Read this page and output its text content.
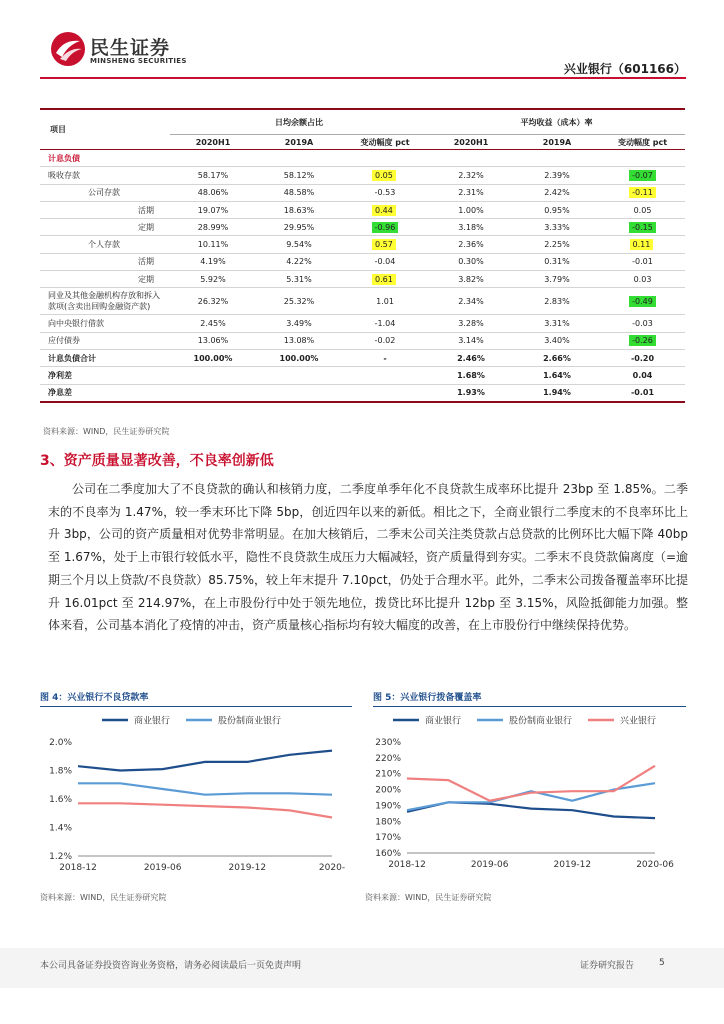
民生证券
MINSHENG SECURITIES
兴业银行（601166）
项目	日均余额占比			平均收益（成本）率		
	2020H1	2019A	变动幅度 pct	2020H1	2019A	变动幅度 pct
计息负债						
吸收存款	58.17%	58.12%	0.05	2.32%	2.39%	-0.07
公司存款	48.06%	48.58%	-0.53	2.31%	2.42%	-0.11
活期	19.07%	18.63%	0.44	1.00%	0.95%	0.05
定期	28.99%	29.95%	-0.96	3.18%	3.33%	-0.15
个人存款	10.11%	9.54%	0.57	2.36%	2.25%	0.11
活期	4.19%	4.22%	-0.04	0.30%	0.31%	-0.01
定期	5.92%	5.31%	0.61	3.82%	3.79%	0.03
同业及其他金融机构存放和拆入款项(含卖出回购金融资产款)	26.32%	25.32%	1.01	2.34%	2.83%	-0.49
向中央银行借款	2.45%	3.49%	-1.04	3.28%	3.31%	-0.03
应付债券	13.06%	13.08%	-0.02	3.14%	3.40%	-0.26
计息负债合计	100.00%	100.00%	-	2.46%	2.66%	-0.20
净利差				1.68%	1.64%	0.04
净息差				1.93%	1.94%	-0.01
资料来源：WIND，民生证券研究院
3、资产质量显著改善，不良率创新低
公司在二季度加大了不良贷款的确认和核销力度，二季度单季年化不良贷款生成率环比提升 23bp 至 1.85%。二季末的不良率为 1.47%，较一季末环比下降 5bp，创近四年以来的新低。相比之下，全商业银行二季度末的不良率环比上升 3bp，公司的资产质量相对优势非常明显。在加大核销后，二季末公司关注类贷款占总贷款的比例环比大幅下降 40bp 至 1.67%，处于上市银行较低水平，隐性不良贷款生成压力大幅减轻，资产质量得到夯实。二季末不良贷款偏离度（=逾期三个月以上贷款/不良贷款）85.75%，较上年末提升 7.10pct，仍处于合理水平。此外，二季末公司拨备覆盖率环比提升 16.01pct 至 214.97%，在上市股份行中处于领先地位，拨贷比环比提升 12bp 至 3.15%，风险抵御能力加强。整体来看，公司基本消化了疫情的冲击，资产质量核心指标均有较大幅度的改善，在上市股份行中继续保持优势。
图 4：兴业银行不良贷款率
2.0%
1.8%
1.6%
1.4%
1.2%
2018-12	2019-06	2019-12	2020-
商业银行	股份制商业银行
资料来源：WIND，民生证券研究院
图 5：兴业银行拨备覆盖率
230%
220%
210%
200%
190%
180%
170%
160%
2018-12	2019-06	2019-12	2020-06
商业银行	股份制商业银行	兴业银行
资料来源：WIND，民生证券研究院
本公司具备证券投资咨询业务资格，请务必阅读最后一页免责声明	证券研究报告	5
